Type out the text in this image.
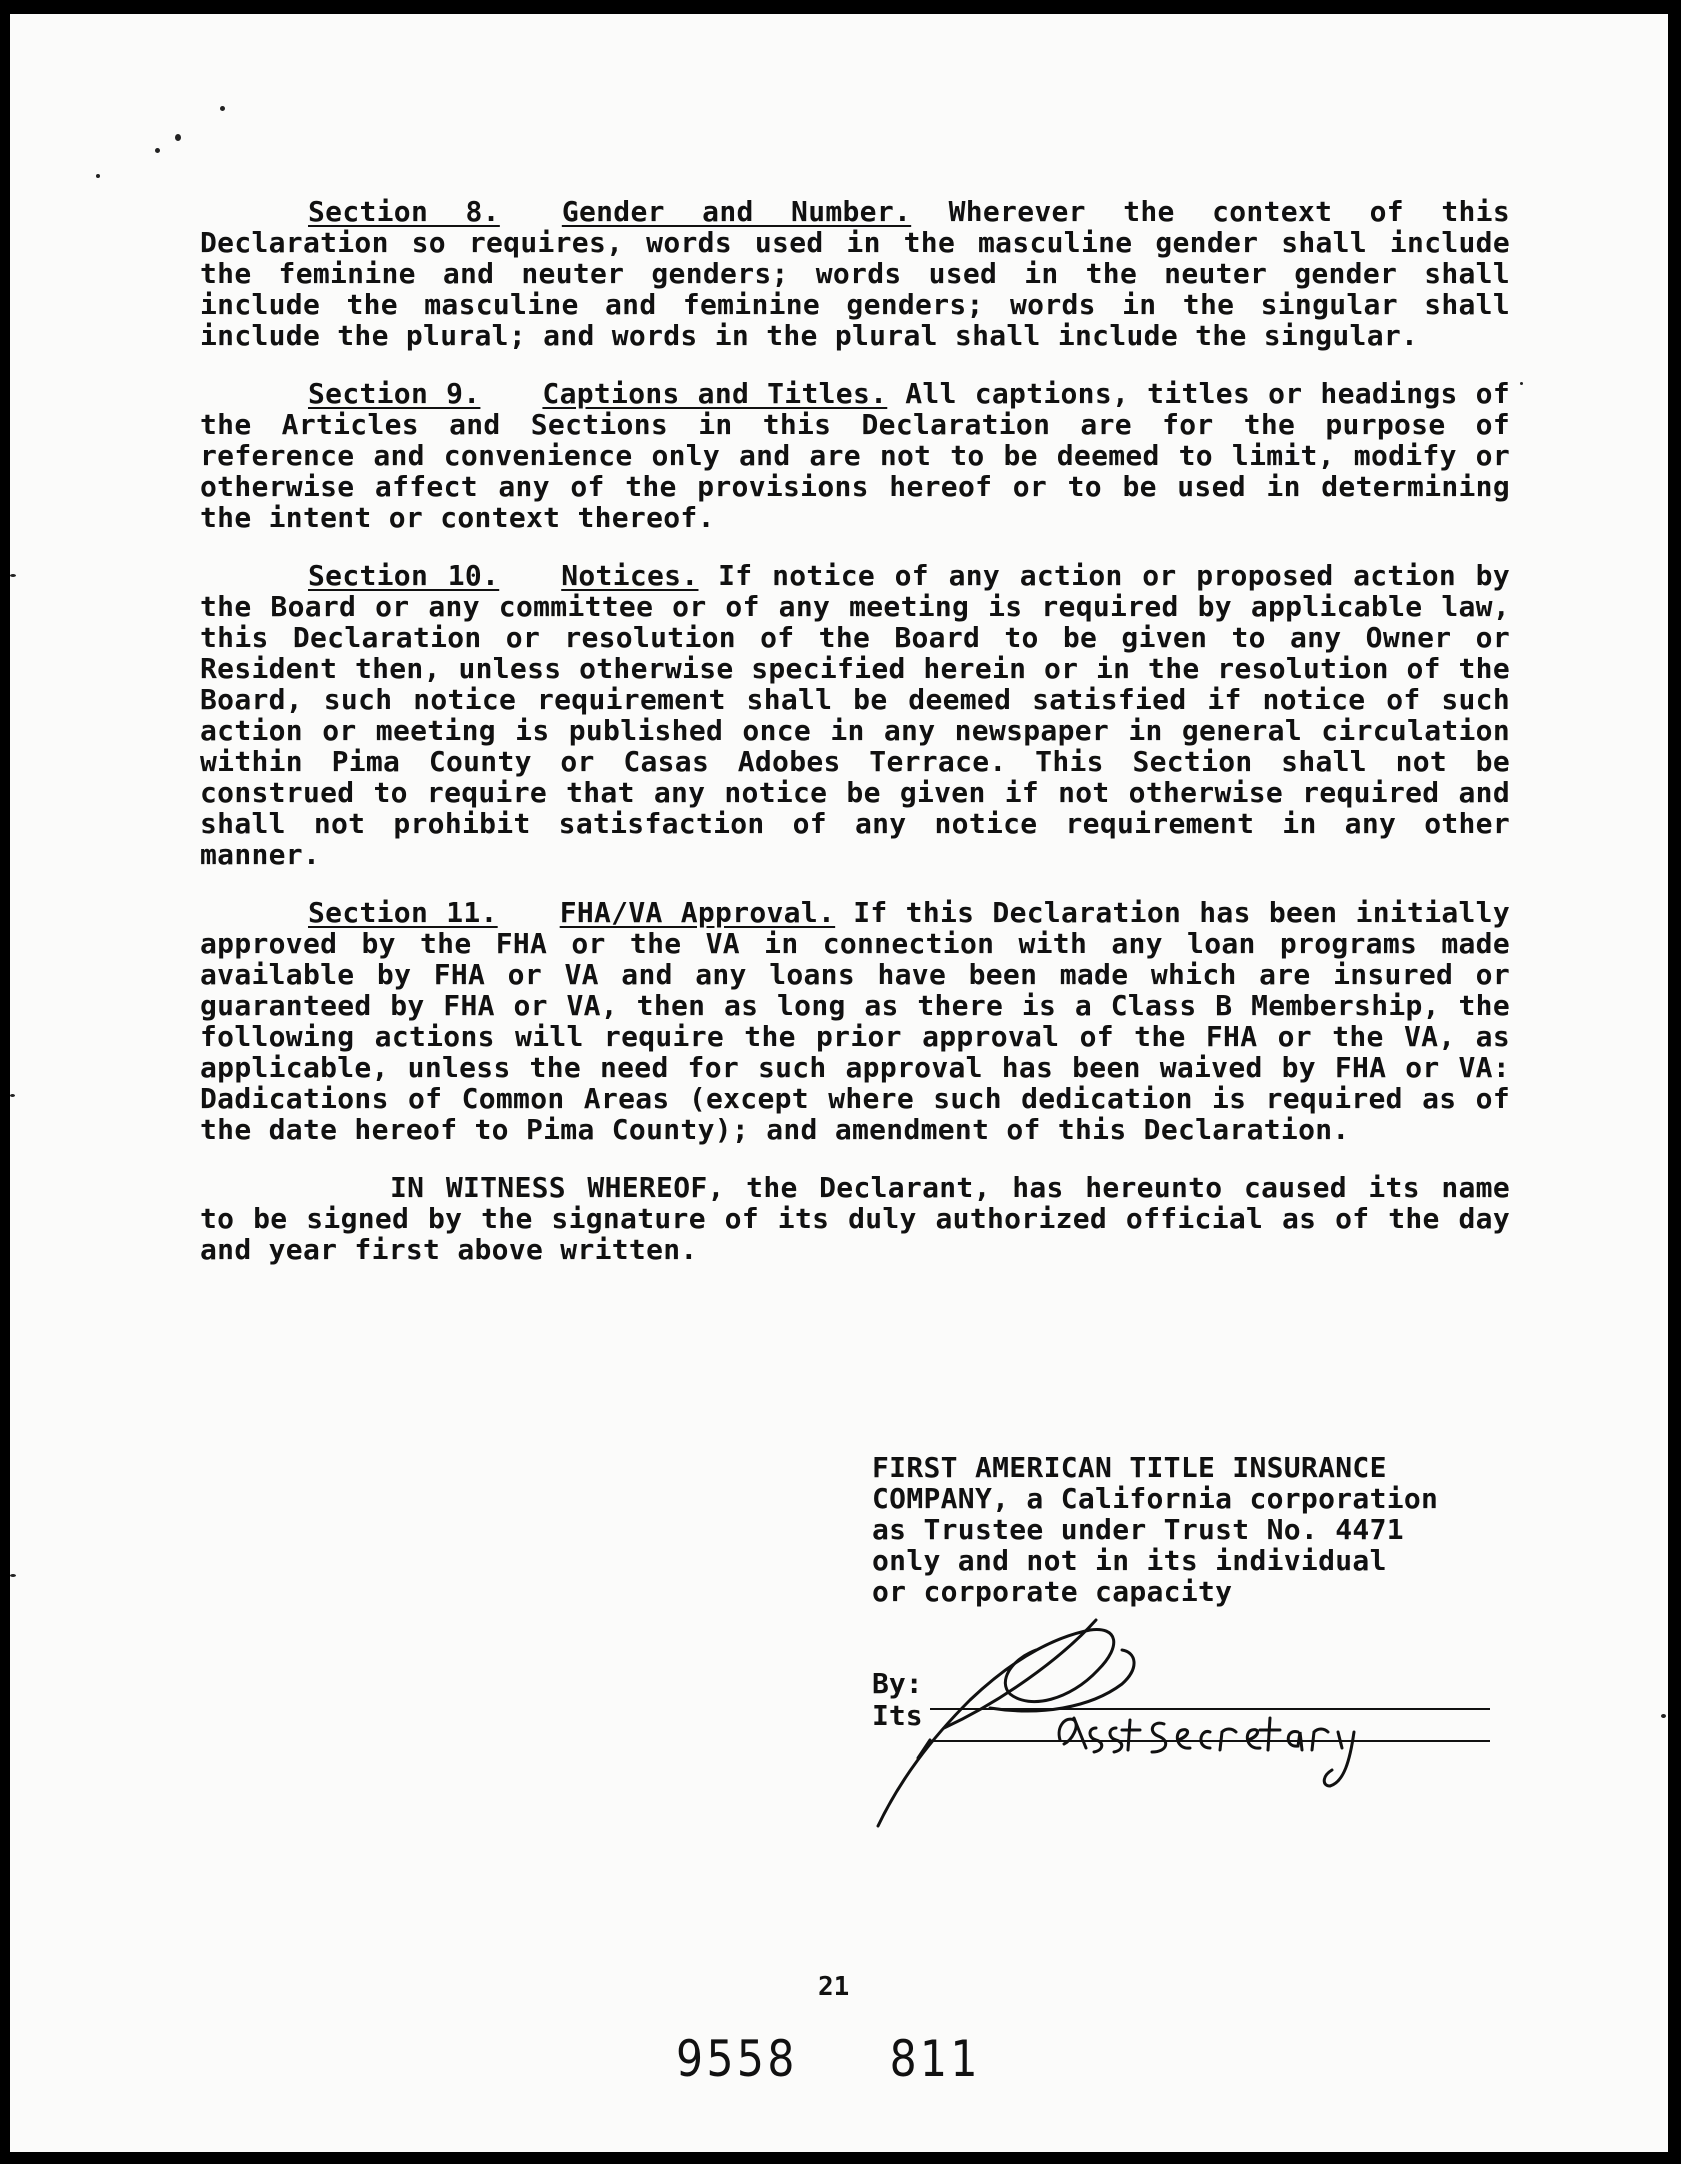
Section 8. Gender and Number. Wherever the context of this Declaration so requires, words used in the masculine gender shall include the feminine and neuter genders; words used in the neuter gender shall include the masculine and feminine genders; words in the singular shall include the plural; and words in the plural shall include the singular.

Section 9. Captions and Titles. All captions, titles or headings of the Articles and Sections in this Declaration are for the purpose of reference and convenience only and are not to be deemed to limit, modify or otherwise affect any of the provisions hereof or to be used in determining the intent or context thereof.

Section 10. Notices. If notice of any action or proposed action by the Board or any committee or of any meeting is required by applicable law, this Declaration or resolution of the Board to be given to any Owner or Resident then, unless otherwise specified herein or in the resolution of the Board, such notice requirement shall be deemed satisfied if notice of such action or meeting is published once in any newspaper in general circulation within Pima County or Casas Adobes Terrace. This Section shall not be construed to require that any notice be given if not otherwise required and shall not prohibit satisfaction of any notice requirement in any other manner.

Section 11. FHA/VA Approval. If this Declaration has been initially approved by the FHA or the VA in connection with any loan programs made available by FHA or VA and any loans have been made which are insured or guaranteed by FHA or VA, then as long as there is a Class B Membership, the following actions will require the prior approval of the FHA or the VA, as applicable, unless the need for such approval has been waived by FHA or VA: Dadications of Common Areas (except where such dedication is required as of the date hereof to Pima County); and amendment of this Declaration.

IN WITNESS WHEREOF, the Declarant, has hereunto caused its name to be signed by the signature of its duly authorized official as of the day and year first above written.

FIRST AMERICAN TITLE INSURANCE
COMPANY, a California corporation
as Trustee under Trust No. 4471
only and not in its individual
or corporate capacity
By:
Its
Asst Secretary
21
9558 811
